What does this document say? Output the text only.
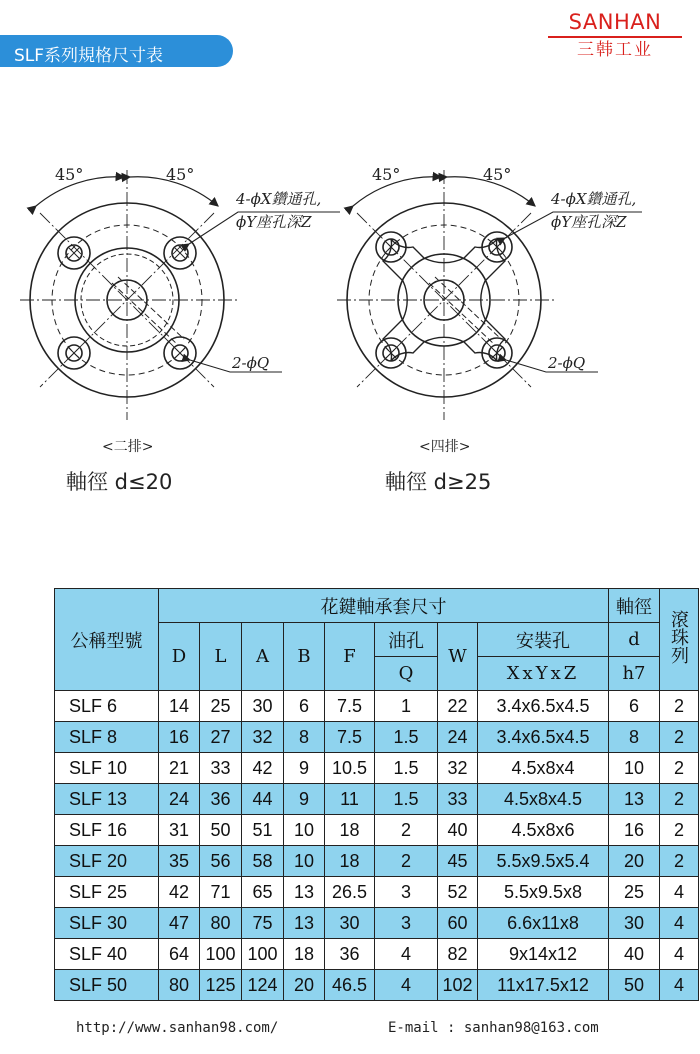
SLF系列規格尺寸表
SANHAN
三韩工业
45°	45°
4-ϕX鑽通孔,
ϕY座孔深Z
2-ϕQ
45°	45°
4-ϕX鑽通孔,
ϕY座孔深Z
2-ϕQ
<二排>
軸徑 d≤20
<四排>
軸徑 d≥25
公稱型號	花鍵軸承套尺寸								軸徑	滾珠列
	D	L	A	B	F	油孔	W	安裝孔	d	
						Q		XxYxZ	h7	
SLF 6	14	25	30	6	7.5	1	22	3.4x6.5x4.5	6	2
SLF 8	16	27	32	8	7.5	1.5	24	3.4x6.5x4.5	8	2
SLF 10	21	33	42	9	10.5	1.5	32	4.5x8x4	10	2
SLF 13	24	36	44	9	11	1.5	33	4.5x8x4.5	13	2
SLF 16	31	50	51	10	18	2	40	4.5x8x6	16	2
SLF 20	35	56	58	10	18	2	45	5.5x9.5x5.4	20	2
SLF 25	42	71	65	13	26.5	3	52	5.5x9.5x8	25	4
SLF 30	47	80	75	13	30	3	60	6.6x11x8	30	4
SLF 40	64	100	100	18	36	4	82	9x14x12	40	4
SLF 50	80	125	124	20	46.5	4	102	11x17.5x12	50	4
http://www.sanhan98.com/	E-mail : sanhan98@163.com
